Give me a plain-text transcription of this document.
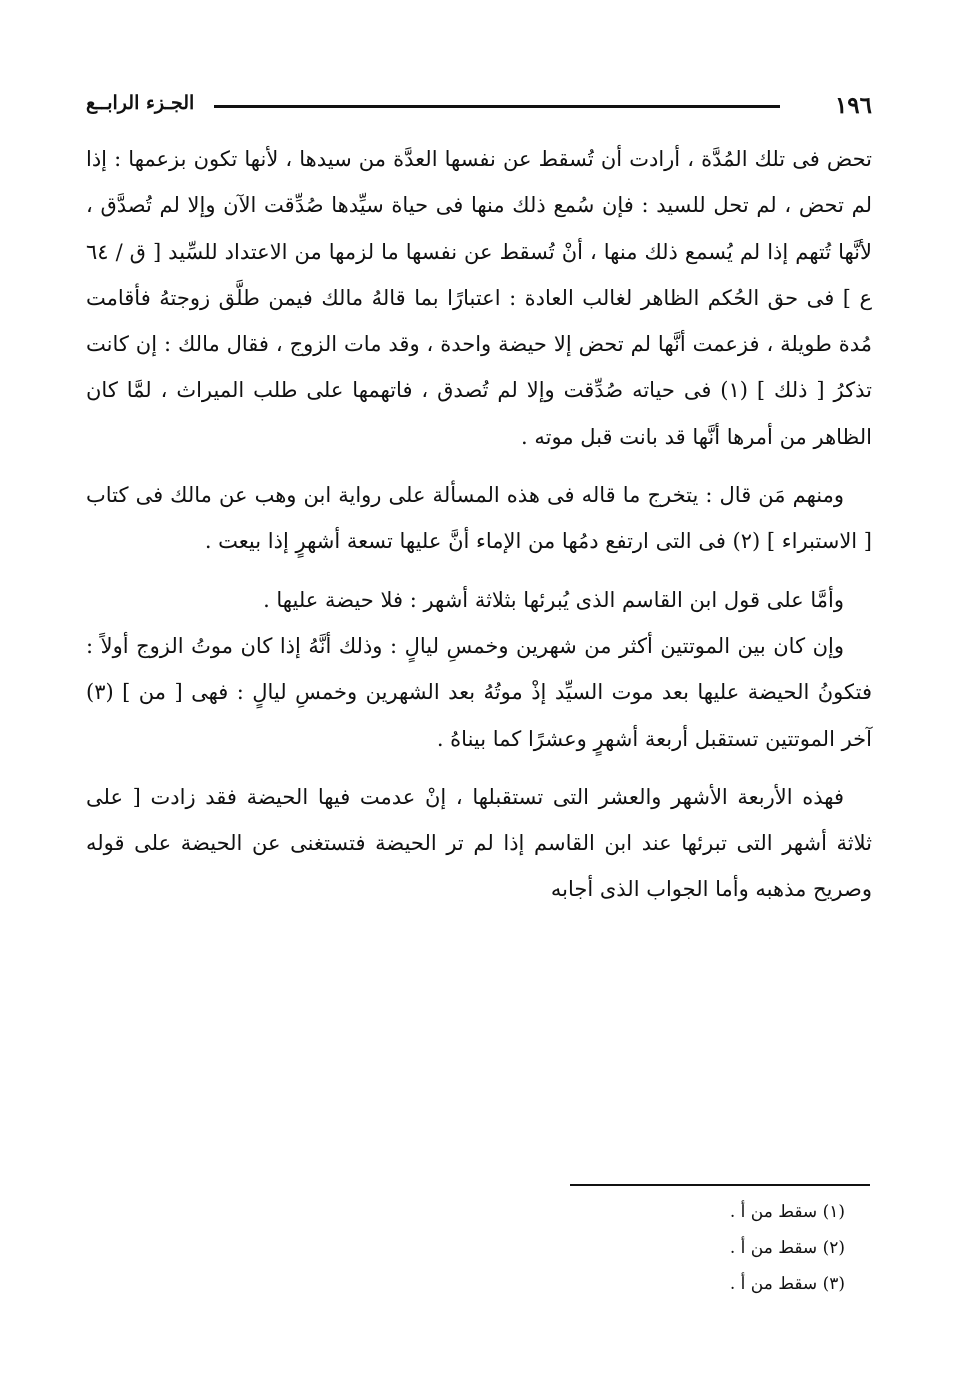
الجـزء الرابــع	١٩٦

تحض فى تلك المُدَّة ، أرادت أن تُسقط عن نفسها العدَّة من سيدها ، لأنها تكون بزعمها : إذا لم تحض ، لم تحل للسيد : فإن سُمع ذلك منها فى حياة سيِّدها صُدِّقت الآن وإلا لم تُصدَّق ، لأنَّها تُتهم إذا لم يُسمع ذلك منها ، أنْ تُسقط عن نفسها ما لزمها من الاعتداد للسِّيد [ ق / ٦٤ ع ] فى حق الحُكم الظاهر لغالب العادة : اعتبارًا بما قالهُ مالك فيمن طلَّق زوجتهُ فأقامت مُدة طويلة ، فزعمت أنَّها لم تحض إلا حيضة واحدة ، وقد مات الزوج ، فقال مالك : إن كانت تذكرُ [ ذلك ] (١) فى حياته صُدِّقت وإلا لم تُصدق ، فاتهمها على طلب الميراث ، لمَّا كان الظاهر من أمرها أنَّها قد بانت قبل موته .

ومنهم مَن قال : يتخرج ما قاله فى هذه المسألة على رواية ابن وهب عن مالك فى كتاب [ الاستبراء ] (٢) فى التى ارتفع دمُها من الإماء أنَّ عليها تسعة أشهرٍ إذا بيعت .

وأمَّا على قول ابن القاسم الذى يُبرئها بثلاثة أشهر : فلا حيضة عليها .

وإن كان بين الموتتين أكثر من شهرين وخمسِ ليالٍ : وذلك أنَّهُ إذا كان موتُ الزوج أولاً : فتكونُ الحيضة عليها بعد موت السيِّد إذْ موتُهُ بعد الشهرين وخمسِ ليالٍ : فهى [ من ] (٣) آخر الموتتين تستقبل أربعة أشهرٍ وعشرًا كما بيناهُ .

فهذه الأربعة الأشهر والعشر التى تستقبلها ، إنْ عدمت فيها الحيضة فقد زادت [ على ثلاثة أشهر التى تبرئها عند ابن القاسم إذا لم تر الحيضة فتستغنى عن الحيضة على قوله وصريح مذهبه وأما الجواب الذى أجابه

(١) سقط من أ .

(٢) سقط من أ .

(٣) سقط من أ .
